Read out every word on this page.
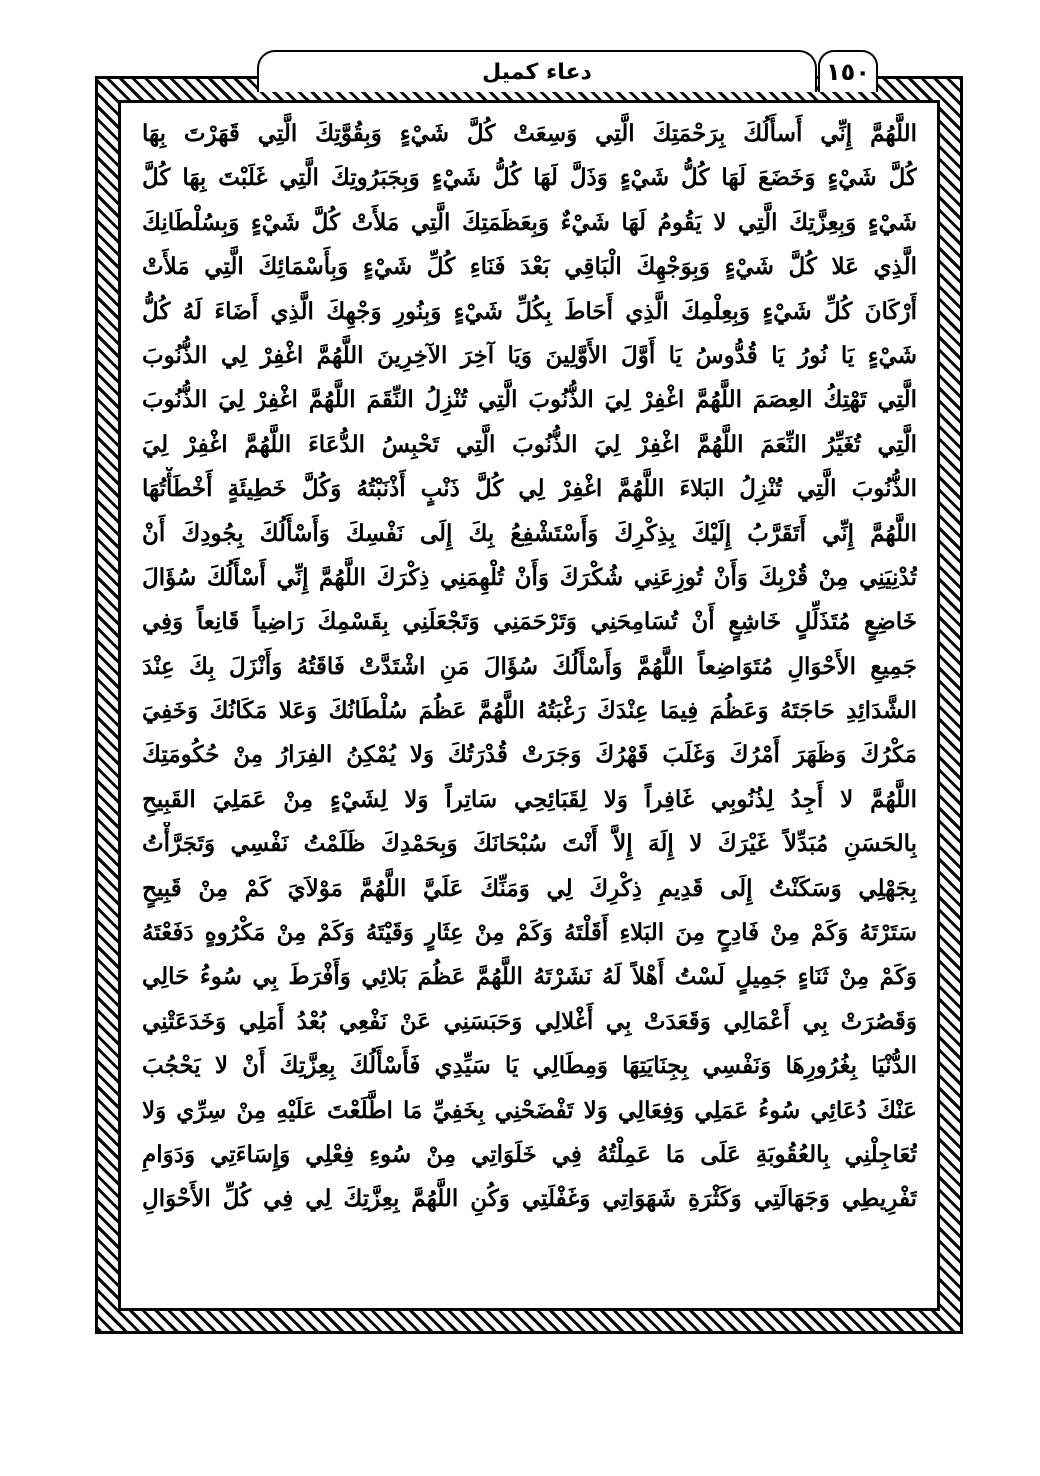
دعاء كميل	١٥٠
اللَّهُمَّ إِنِّي أَسأَلُكَ بِرَحْمَتِكَ الَّتِي وَسِعَتْ كُلَّ شَيْءٍ وَبِقُوَّتِكَ الَّتِي قَهَرْتَ بِهَا
كُلَّ شَيْءٍ وَخَضَعَ لَهَا كُلُّ شَيْءٍ وَذَلَّ لَهَا كُلُّ شَيْءٍ وَبِجَبَرُوتِكَ الَّتِي غَلَبْتَ بِهَا كُلَّ
شَيْءٍ وَبِعِزَّتِكَ الَّتِي لا يَقُومُ لَهَا شَيْءٌ وَبِعَظَمَتِكَ الَّتِي مَلأَتْ كُلَّ شَيْءٍ وَبِسُلْطَانِكَ
الَّذِي عَلا كُلَّ شَيْءٍ وَبِوَجْهِكَ الْبَاقِي بَعْدَ فَنَاءِ كُلِّ شَيْءٍ وَبِأَسْمَائِكَ الَّتِي مَلأَتْ
أَرْكَانَ كُلِّ شَيْءٍ وَبِعِلْمِكَ الَّذِي أَحَاطَ بِكُلِّ شَيْءٍ وَبِنُورِ وَجْهِكَ الَّذِي أَضَاءَ لَهُ كُلُّ
شَيْءٍ يَا نُورُ يَا قُدُّوسُ يَا أَوَّلَ الأَوَّلِينَ وَيَا آخِرَ الآخِرِينَ اللَّهُمَّ اغْفِرْ لِي الذُّنُوبَ
الَّتِي تَهْتِكُ العِصَمَ اللَّهُمَّ اغْفِرْ لِيَ الذُّنُوبَ الَّتِي تُنْزِلُ النِّقَمَ اللَّهُمَّ اغْفِرْ لِيَ الذُّنُوبَ
الَّتِي تُغَيِّرُ النِّعَمَ اللَّهُمَّ اغْفِرْ لِيَ الذُّنُوبَ الَّتِي تَحْبِسُ الدُّعَاءَ اللَّهُمَّ اغْفِرْ لِيَ
الذُّنُوبَ الَّتِي تُنْزِلُ البَلاءَ اللَّهُمَّ اغْفِرْ لِي كُلَّ ذَنْبٍ أَذْنَبْتُهُ وَكُلَّ خَطِيئَةٍ أَخْطَأْتُهَا
اللَّهُمَّ إِنِّي أَتَقَرَّبُ إِلَيْكَ بِذِكْرِكَ وَأَسْتَشْفِعُ بِكَ إِلَى نَفْسِكَ وَأَسْأَلُكَ بِجُودِكَ أَنْ
تُدْنِيَنِي مِنْ قُرْبِكَ وَأَنْ تُوزِعَنِي شُكْرَكَ وَأَنْ تُلْهِمَنِي ذِكْرَكَ اللَّهُمَّ إِنِّي أَسْأَلُكَ سُؤَالَ
خَاضِعٍ مُتَذَلِّلٍ خَاشِعٍ أَنْ تُسَامِحَنِي وَتَرْحَمَنِي وَتَجْعَلَنِي بِقَسْمِكَ رَاضِياً قَانِعاً وَفِي
جَمِيعِ الأَحْوَالِ مُتَوَاضِعاً اللَّهُمَّ وَأَسْأَلُكَ سُؤَالَ مَنِ اشْتَدَّتْ فَاقَتُهُ وَأَنْزَلَ بِكَ عِنْدَ
الشَّدَائِدِ حَاجَتَهُ وَعَظُمَ فِيمَا عِنْدَكَ رَغْبَتُهُ اللَّهُمَّ عَظُمَ سُلْطَانُكَ وَعَلا مَكَانُكَ وَخَفِيَ
مَكْرُكَ وَظَهَرَ أَمْرُكَ وَغَلَبَ قَهْرُكَ وَجَرَتْ قُدْرَتُكَ وَلا يُمْكِنُ الفِرَارُ مِنْ حُكُومَتِكَ
اللَّهُمَّ لا أَجِدُ لِذُنُوبِي غَافِراً وَلا لِقَبَائِحِي سَاتِراً وَلا لِشَيْءٍ مِنْ عَمَلِيَ القَبِيحِ
بِالحَسَنِ مُبَدِّلاً غَيْرَكَ لا إِلَهَ إِلاَّ أَنْتَ سُبْحَانَكَ وَبِحَمْدِكَ ظَلَمْتُ نَفْسِي وَتَجَرَّأْتُ
بِجَهْلِي وَسَكَنْتُ إِلَى قَدِيمِ ذِكْرِكَ لِي وَمَنِّكَ عَلَيَّ اللَّهُمَّ مَوْلاَيَ كَمْ مِنْ قَبِيحٍ
سَتَرْتَهُ وَكَمْ مِنْ فَادِحٍ مِنَ البَلاءِ أَقَلْتَهُ وَكَمْ مِنْ عِثَارٍ وَقَيْتَهُ وَكَمْ مِنْ مَكْرُوهٍ دَفَعْتَهُ
وَكَمْ مِنْ ثَنَاءٍ جَمِيلٍ لَسْتُ أَهْلاً لَهُ نَشَرْتَهُ اللَّهُمَّ عَظُمَ بَلائِي وَأَفْرَطَ بِي سُوءُ حَالِي
وَقَصُرَتْ بِي أَعْمَالِي وَقَعَدَتْ بِي أَغْلالِي وَحَبَسَنِي عَنْ نَفْعِي بُعْدُ أَمَلِي وَخَدَعَتْنِي
الدُّنْيَا بِغُرُورِهَا وَنَفْسِي بِجِنَايَتِهَا وَمِطَالِي يَا سَيِّدِي فَأَسْأَلُكَ بِعِزَّتِكَ أَنْ لا يَحْجُبَ
عَنْكَ دُعَائِي سُوءُ عَمَلِي وَفِعَالِي وَلا تَفْضَحْنِي بِخَفِيِّ مَا اطَّلَعْتَ عَلَيْهِ مِنْ سِرِّي وَلا
تُعَاجِلْنِي بِالعُقُوبَةِ عَلَى مَا عَمِلْتُهُ فِي خَلَوَاتِي مِنْ سُوءِ فِعْلِي وَإِسَاءَتِي وَدَوَامِ
تَفْرِيطِي وَجَهَالَتِي وَكَثْرَةِ شَهَوَاتِي وَغَفْلَتِي وَكُنِ اللَّهُمَّ بِعِزَّتِكَ لِي فِي كُلِّ الأَحْوَالِ
